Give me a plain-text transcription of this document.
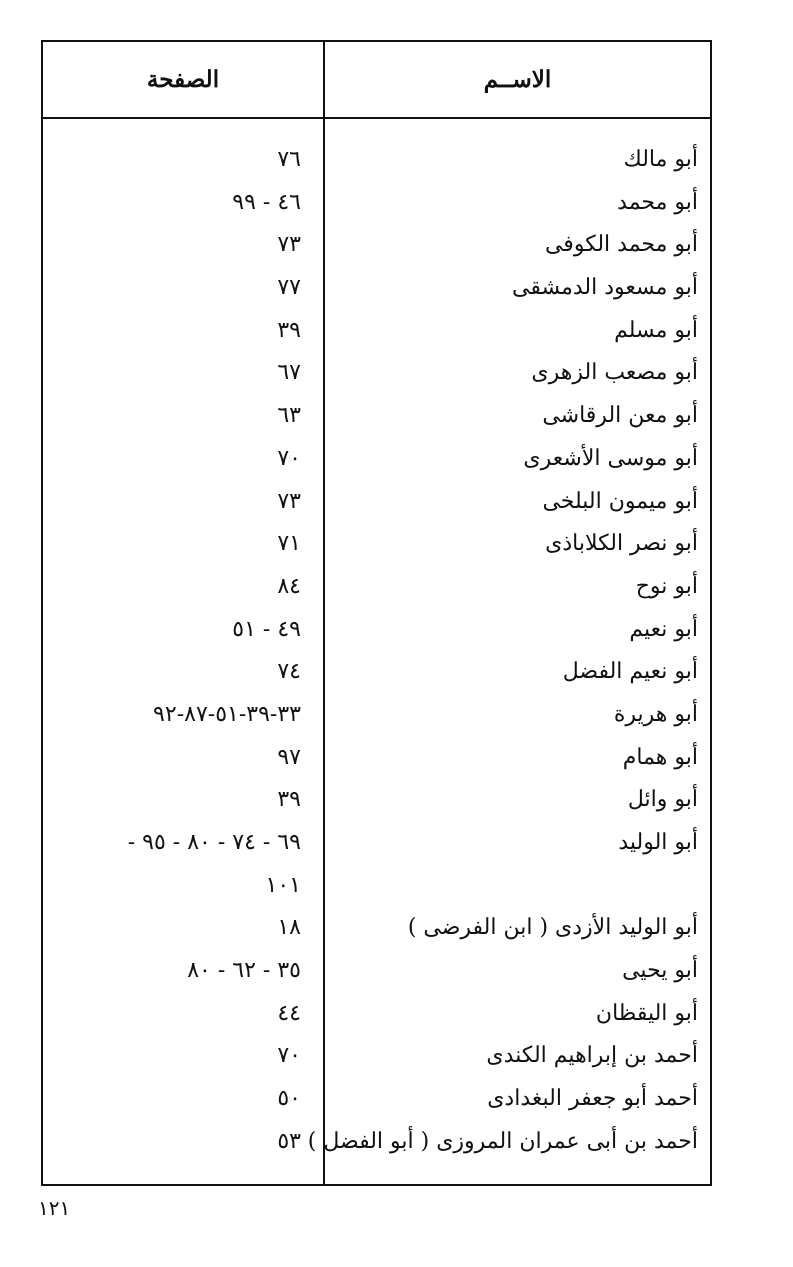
الاســم
الصفحة
أبو مالك
٧٦
أبو محمد
٤٦ - ٩٩
أبو محمد الكوفى
٧٣
أبو مسعود الدمشقى
٧٧
أبو مسلم
٣٩
أبو مصعب الزهرى
٦٧
أبو معن الرقاشى
٦٣
أبو موسى الأشعرى
٧٠
أبو ميمون البلخى
٧٣
أبو نصر الكلاباذى
٧١
أبو نوح
٨٤
أبو نعيم
٤٩ - ٥١
أبو نعيم الفضل
٧٤
أبو هريرة
٣٣-٣٩-٥١-٨٧-٩٢
أبو همام
٩٧
أبو وائل
٣٩
أبو الوليد
٦٩ - ٧٤ - ٨٠ - ٩٥ -
١٠١
أبو الوليد الأزدى ( ابن الفرضى )
١٨
أبو يحيى
٣٥ - ٦٢ - ٨٠
أبو اليقظان
٤٤
أحمد بن إبراهيم الكندى
٧٠
أحمد أبو جعفر البغدادى
٥٠
أحمد بن أبى عمران المروزى ( أبو الفضل )
٥٣
١٢١
